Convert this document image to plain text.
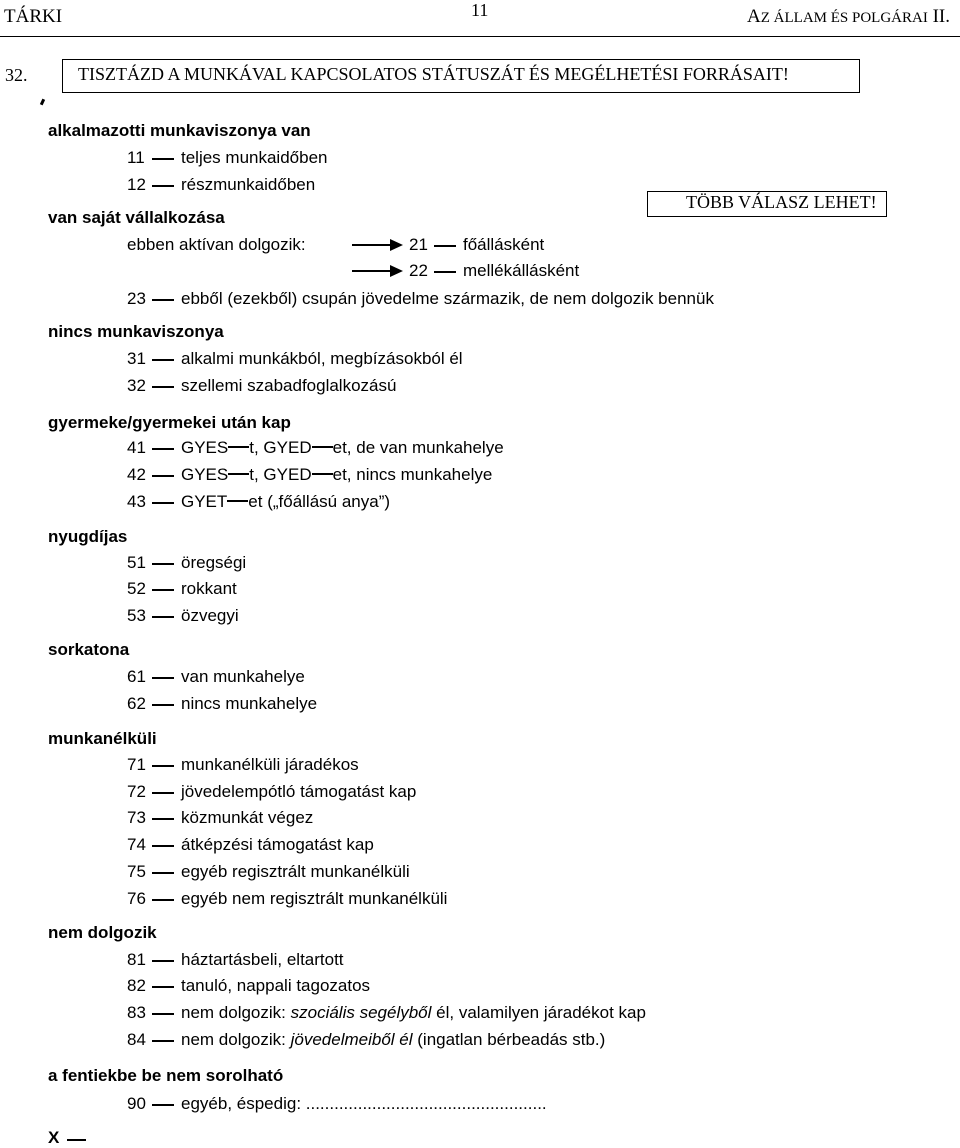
TÁRKI	11	AZ ÁLLAM ÉS POLGÁRAI II.
32.	TISZTÁZD A MUNKÁVAL KAPCSOLATOS STÁTUSZÁT ÉS MEGÉLHETÉSI FORRÁSAIT!
alkalmazotti munkaviszonya van
11 teljes munkaidőben
12 részmunkaidőben
TÖBB VÁLASZ LEHET!
van saját vállalkozása
ebben aktívan dolgozik:	21 főállásként
22 mellékállásként
23 ebből (ezekből) csupán jövedelme származik, de nem dolgozik bennük
nincs munkaviszonya
31 alkalmi munkákból, megbízásokból él
32 szellemi szabadfoglalkozású
gyermeke/gyermekei után kap
41 GYES t, GYED et, de van munkahelye
42 GYES t, GYED et, nincs munkahelye
43 GYET et („főállású anya”)
nyugdíjas
51 öregségi
52 rokkant
53 özvegyi
sorkatona
61 van munkahelye
62 nincs munkahelye
munkanélküli
71 munkanélküli járadékos
72 jövedelempótló támogatást kap
73 közmunkát végez
74 átképzési támogatást kap
75 egyéb regisztrált munkanélküli
76 egyéb nem regisztrált munkanélküli
nem dolgozik
81 háztartásbeli, eltartott
82 tanuló, nappali tagozatos
83 nem dolgozik: szociális segélyből él, valamilyen járadékot kap
84 nem dolgozik: jövedelmeiből él (ingatlan bérbeadás stb.)
a fentiekbe be nem sorolható
90 egyéb, éspedig: ...................................................
X
